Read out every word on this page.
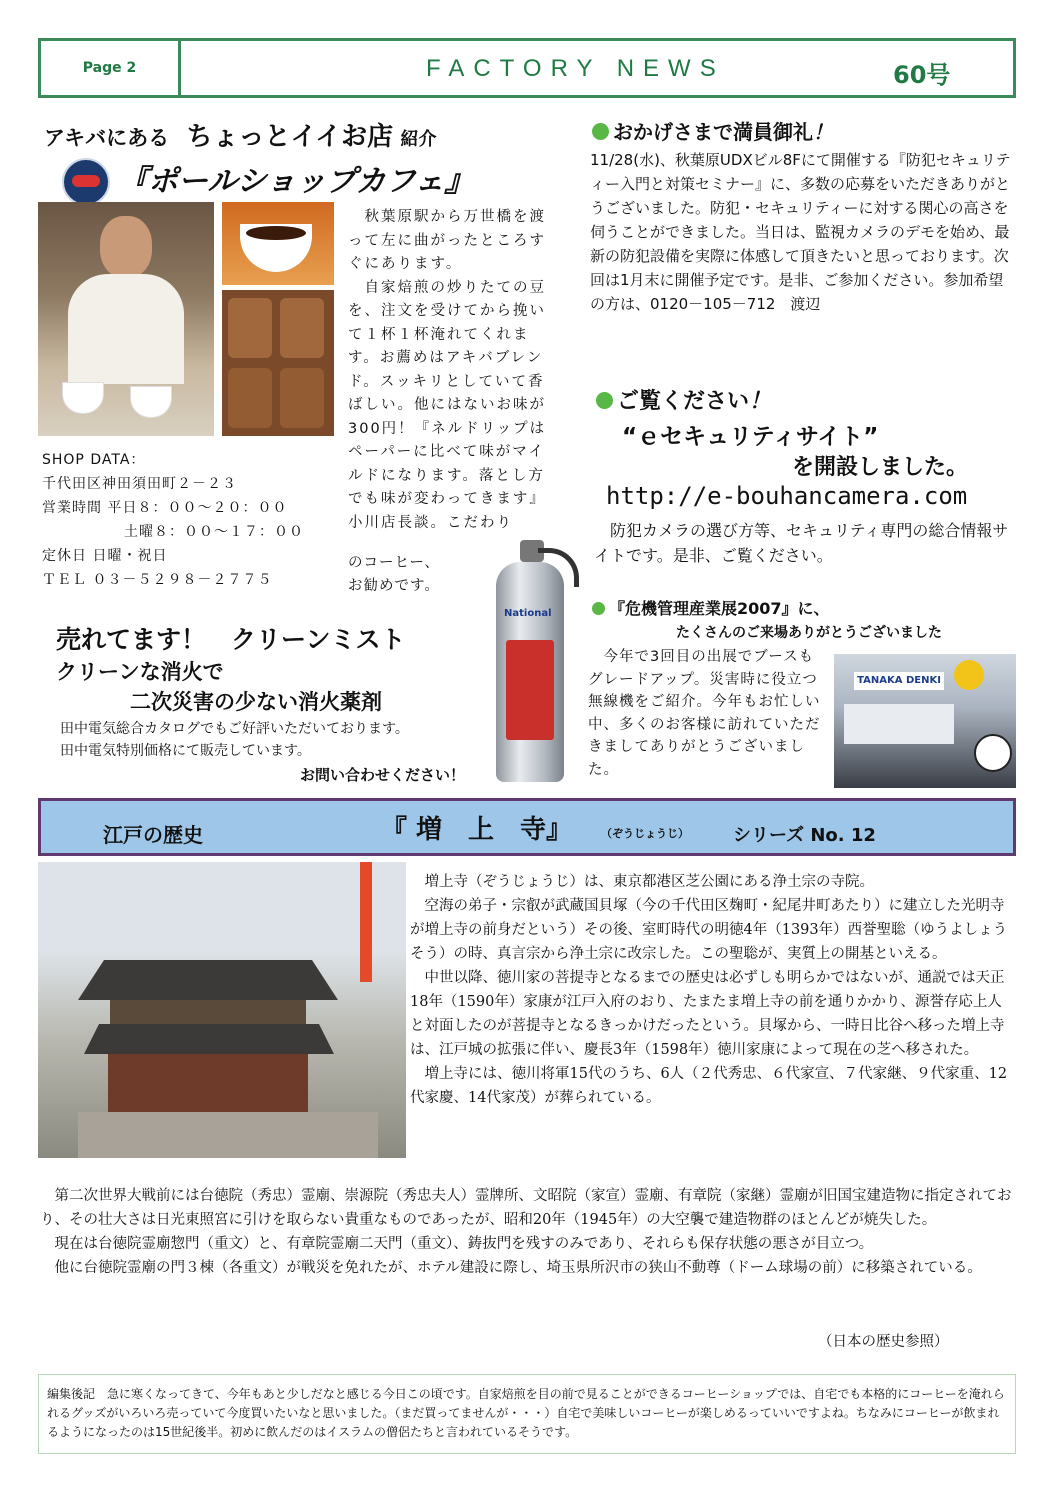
Page 2	FACTORY NEWS	60号
アキバにある ちょっとイイお店 紹介
『ポールショップカフェ』
　秋葉原駅から万世橋を渡って左に曲がったところすぐにあります。
　自家焙煎の炒りたての豆を、注文を受けてから挽いて１杯１杯淹れてくれます。お薦めはアキバブレンド。スッキリとしていて香ばしい。他にはないお味が300円！『ネルドリップはペーパーに比べて味がマイルドになります。落とし方でも味が変わってきます』小川店長談。こだわり
のコーヒー、
お勧めです。
SHOP DATA：
千代田区神田須田町２－２３
営業時間 平日８：００～２０：００
土曜８：００～１７：００
定休日 日曜・祝日
ＴＥＬ ０３－５２９８－２７７５
売れてます！　クリーンミスト
クリーンな消火で
二次災害の少ない消火薬剤
田中電気総合カタログでもご好評いただいております。
田中電気特別価格にて販売しています。
お問い合わせください！
National
おかげさまで満員御礼！
11/28(水)、秋葉原UDXビル8Fにて開催する『防犯セキュリティー入門と対策セミナー』に、多数の応募をいただきありがとうございました。防犯・セキュリティーに対する関心の高さを伺うことができました。当日は、監視カメラのデモを始め、最新の防犯設備を実際に体感して頂きたいと思っております。次回は1月末に開催予定です。是非、ご参加ください。参加希望の方は、0120－105－712　渡辺
ご覧ください！
“ｅセキュリティサイト”
を開設しました。
http://e-bouhancamera.com
　防犯カメラの選び方等、セキュリティ専門の総合情報サイトです。是非、ご覧ください。
『危機管理産業展2007』に、
たくさんのご来場ありがとうございました
　今年で3回目の出展でブースもグレードアップ。災害時に役立つ無線機をご紹介。今年もお忙しい中、多くのお客様に訪れていただきましてありがとうございました。
TANAKA DENKI
江戸の歴史	『 増　上　寺』	（ぞうじょうじ） シリーズ No. 12
　増上寺（ぞうじょうじ）は、東京都港区芝公園にある浄土宗の寺院。
　空海の弟子・宗叡が武蔵国貝塚（今の千代田区麹町・紀尾井町あたり）に建立した光明寺が増上寺の前身だという）その後、室町時代の明徳4年（1393年）西誉聖聡（ゆうよしょうそう）の時、真言宗から浄土宗に改宗した。この聖聡が、実質上の開基といえる。
　中世以降、徳川家の菩提寺となるまでの歴史は必ずしも明らかではないが、通説では天正18年（1590年）家康が江戸入府のおり、たまたま増上寺の前を通りかかり、源誉存応上人と対面したのが菩提寺となるきっかけだったという。貝塚から、一時日比谷へ移った増上寺は、江戸城の拡張に伴い、慶長3年（1598年）徳川家康によって現在の芝へ移された。
　増上寺には、徳川将軍15代のうち、6人（２代秀忠、６代家宣、７代家継、９代家重、12代家慶、14代家茂）が葬られている。
　第二次世界大戦前には台徳院（秀忠）霊廟、崇源院（秀忠夫人）霊牌所、文昭院（家宣）霊廟、有章院（家継）霊廟が旧国宝建造物に指定されており、その壮大さは日光東照宮に引けを取らない貴重なものであったが、昭和20年（1945年）の大空襲で建造物群のほとんどが焼失した。
　現在は台徳院霊廟惣門（重文）と、有章院霊廟二天門（重文）、鋳抜門を残すのみであり、それらも保存状態の悪さが目立つ。
　他に台徳院霊廟の門３棟（各重文）が戦災を免れたが、ホテル建設に際し、埼玉県所沢市の狭山不動尊（ドーム球場の前）に移築されている。
（日本の歴史参照）
編集後記　急に寒くなってきて、今年もあと少しだなと感じる今日この頃です。自家焙煎を目の前で見ることができるコーヒーショップでは、自宅でも本格的にコーヒーを淹れられるグッズがいろいろ売っていて今度買いたいなと思いました。（まだ買ってませんが・・・）自宅で美味しいコーヒーが楽しめるっていいですよね。ちなみにコーヒーが飲まれるようになったのは15世紀後半。初めに飲んだのはイスラムの僧侶たちと言われているそうです。
